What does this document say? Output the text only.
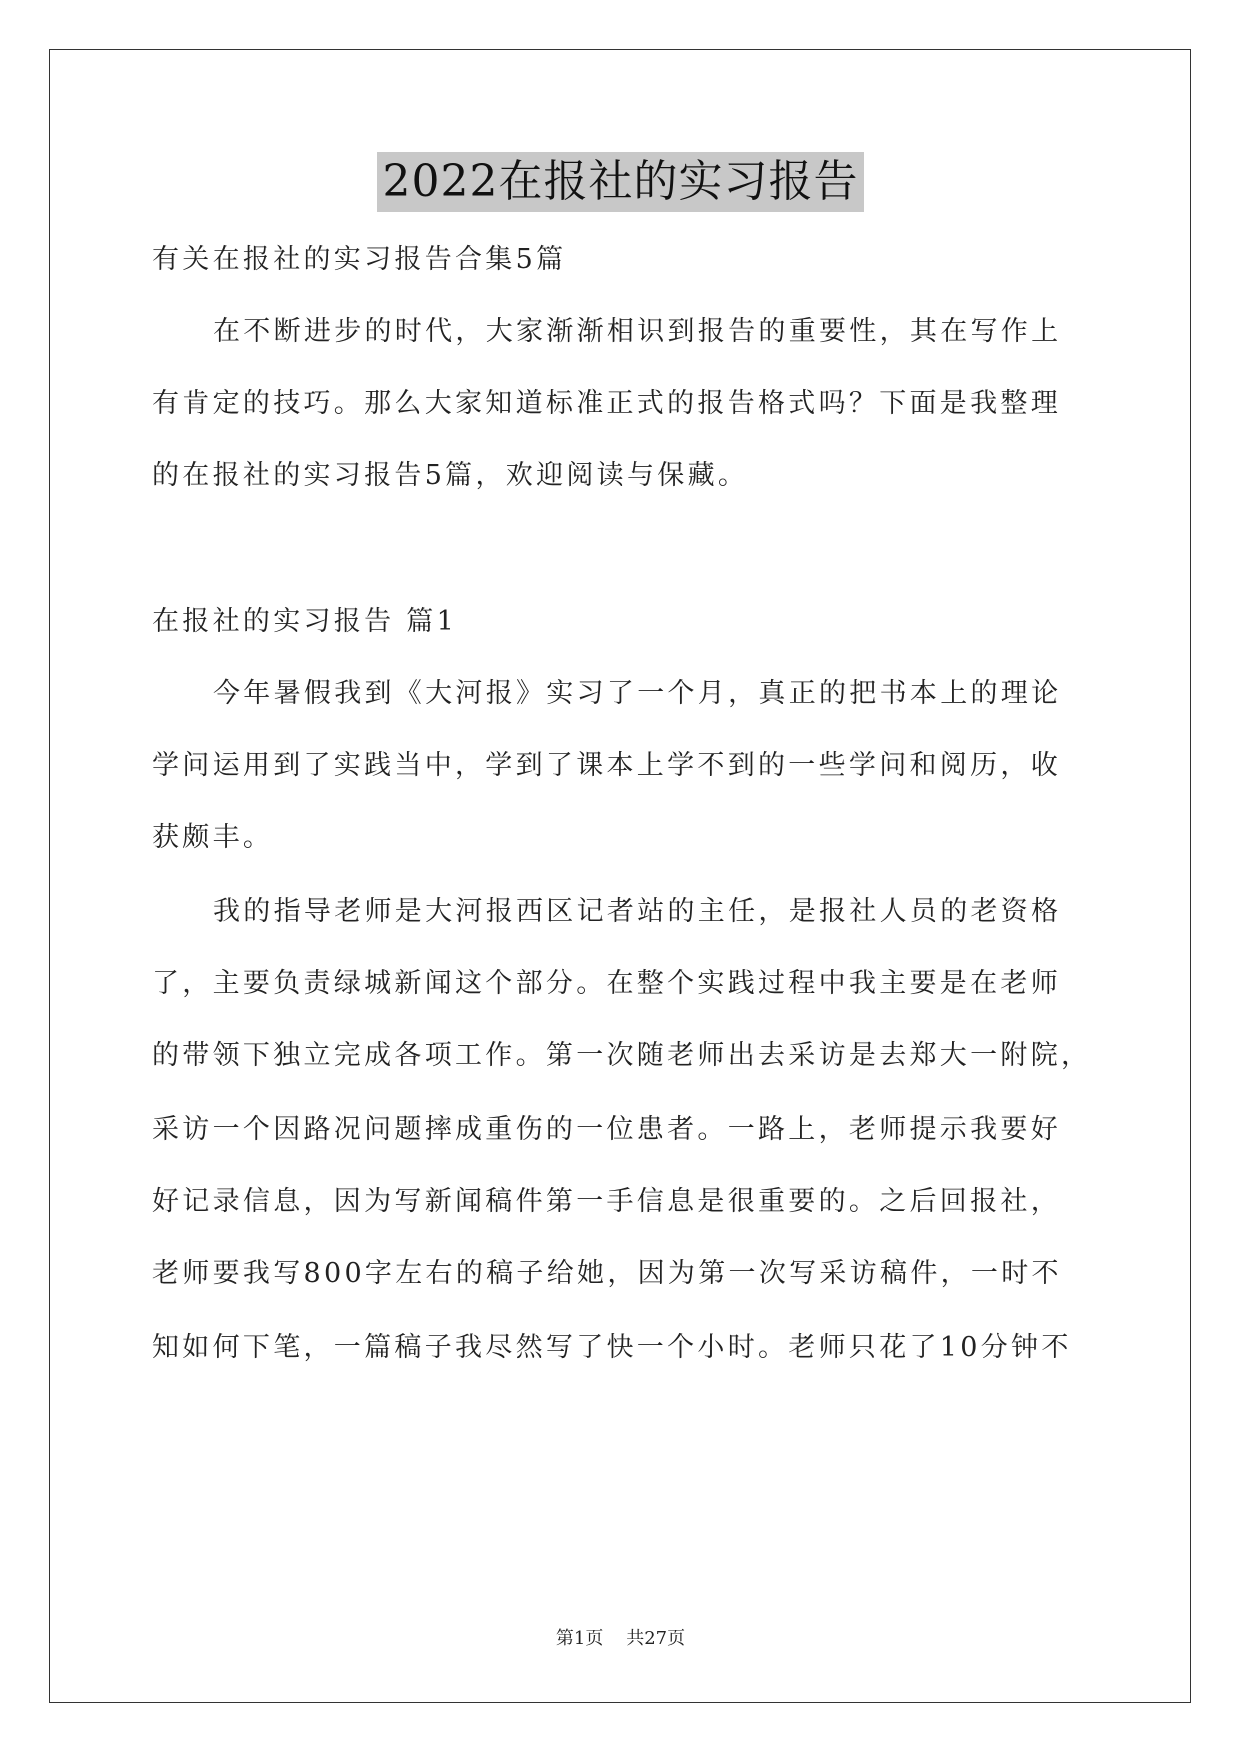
2022在报社的实习报告
有关在报社的实习报告合集5篇
在不断进步的时代，大家渐渐相识到报告的重要性，其在写作上
有肯定的技巧。那么大家知道标准正式的报告格式吗？下面是我整理
的在报社的实习报告5篇，欢迎阅读与保藏。
在报社的实习报告 篇1
今年暑假我到《大河报》实习了一个月，真正的把书本上的理论
学问运用到了实践当中，学到了课本上学不到的一些学问和阅历，收
获颇丰。
我的指导老师是大河报西区记者站的主任，是报社人员的老资格
了，主要负责绿城新闻这个部分。在整个实践过程中我主要是在老师
的带领下独立完成各项工作。第一次随老师出去采访是去郑大一附院，
采访一个因路况问题摔成重伤的一位患者。一路上，老师提示我要好
好记录信息，因为写新闻稿件第一手信息是很重要的。之后回报社，
老师要我写800字左右的稿子给她，因为第一次写采访稿件，一时不
知如何下笔，一篇稿子我尽然写了快一个小时。老师只花了10分钟不
第1页 共27页
